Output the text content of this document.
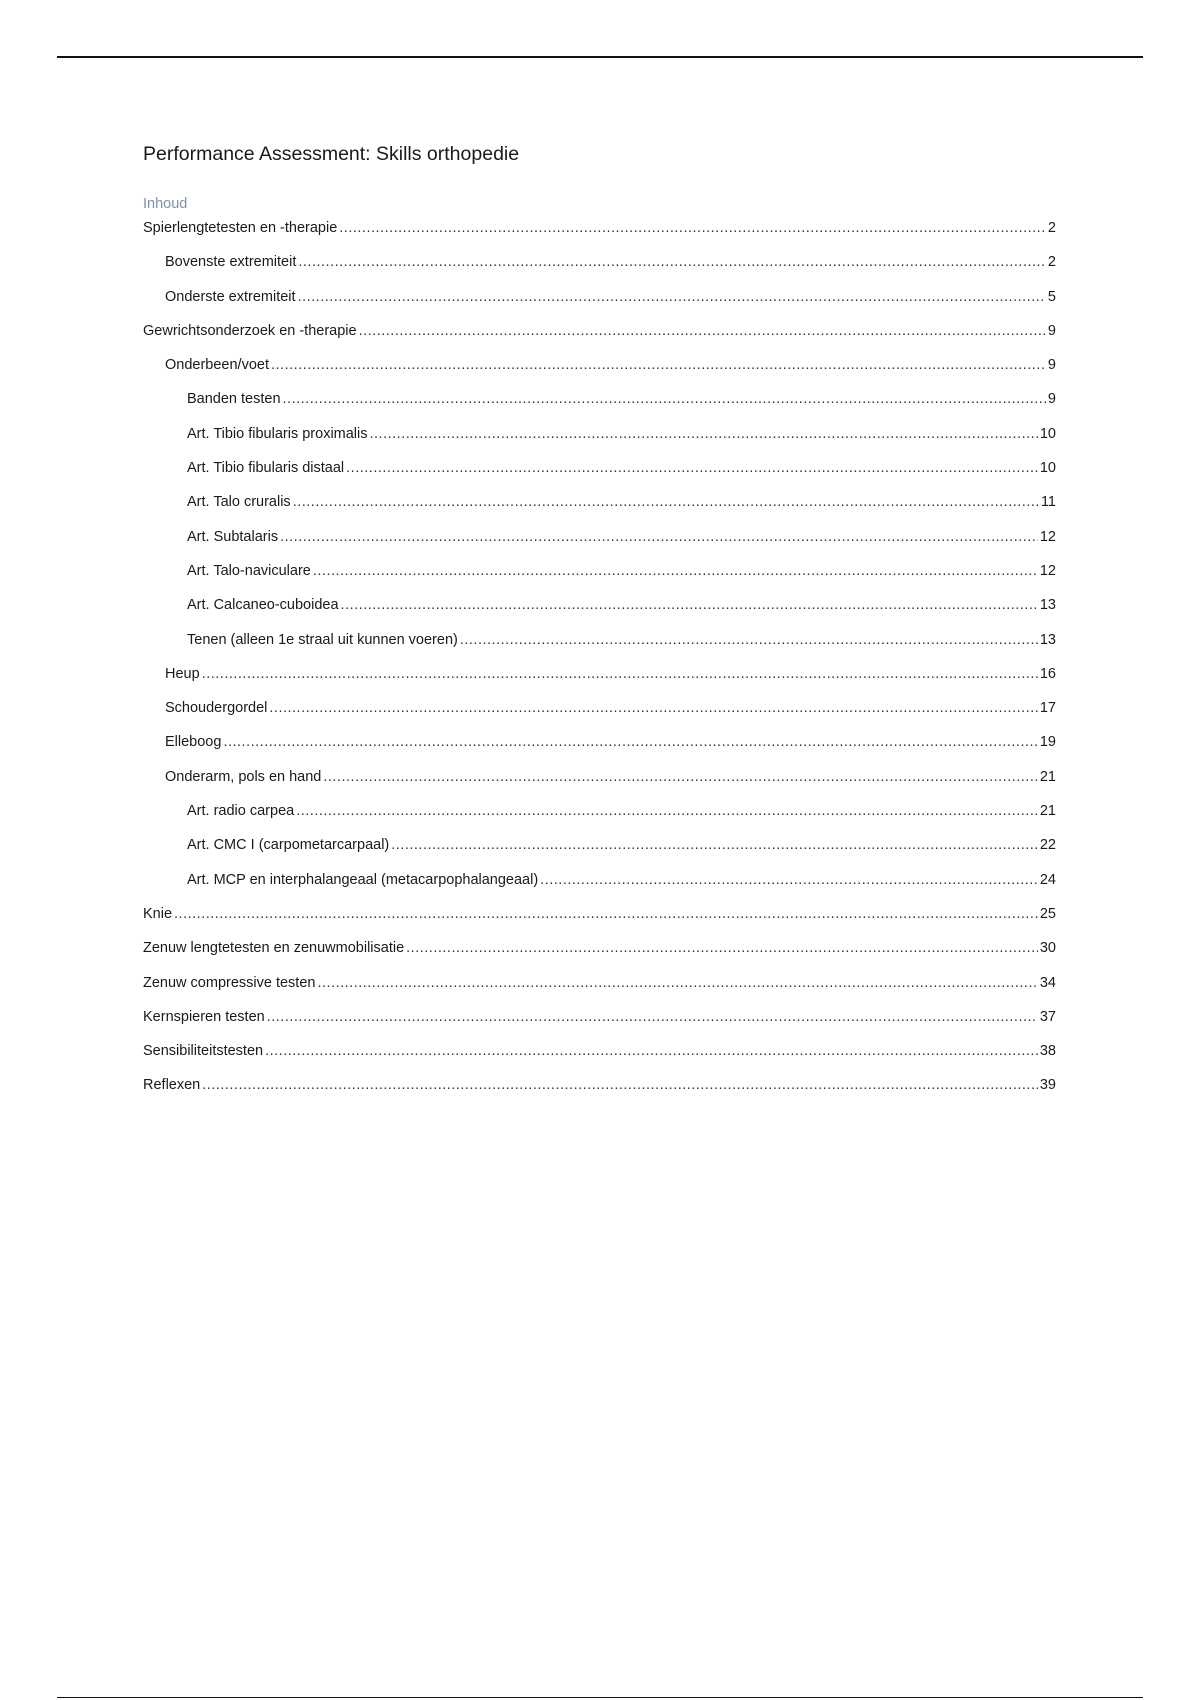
Performance Assessment: Skills orthopedie
Inhoud
Spierlengtetesten en -therapie .....	2
Bovenste extremiteit .....	2
Onderste extremiteit .....	5
Gewrichtsonderzoek en -therapie .....	9
Onderbeen/voet .....	9
Banden testen .....	9
Art. Tibio fibularis proximalis .....	10
Art. Tibio fibularis distaal .....	10
Art. Talo cruralis .....	11
Art. Subtalaris .....	12
Art. Talo-naviculare .....	12
Art. Calcaneo-cuboidea .....	13
Tenen (alleen 1e straal uit kunnen voeren) .....	13
Heup .....	16
Schoudergordel .....	17
Elleboog .....	19
Onderarm, pols en hand .....	21
Art. radio carpea .....	21
Art. CMC I (carpometarcarpaal) .....	22
Art. MCP en interphalangeaal (metacarpophalangeaal) .....	24
Knie .....	25
Zenuw lengtetesten en zenuwmobilisatie .....	30
Zenuw compressive testen .....	34
Kernspieren testen .....	37
Sensibiliteitstesten .....	38
Reflexen .....	39
